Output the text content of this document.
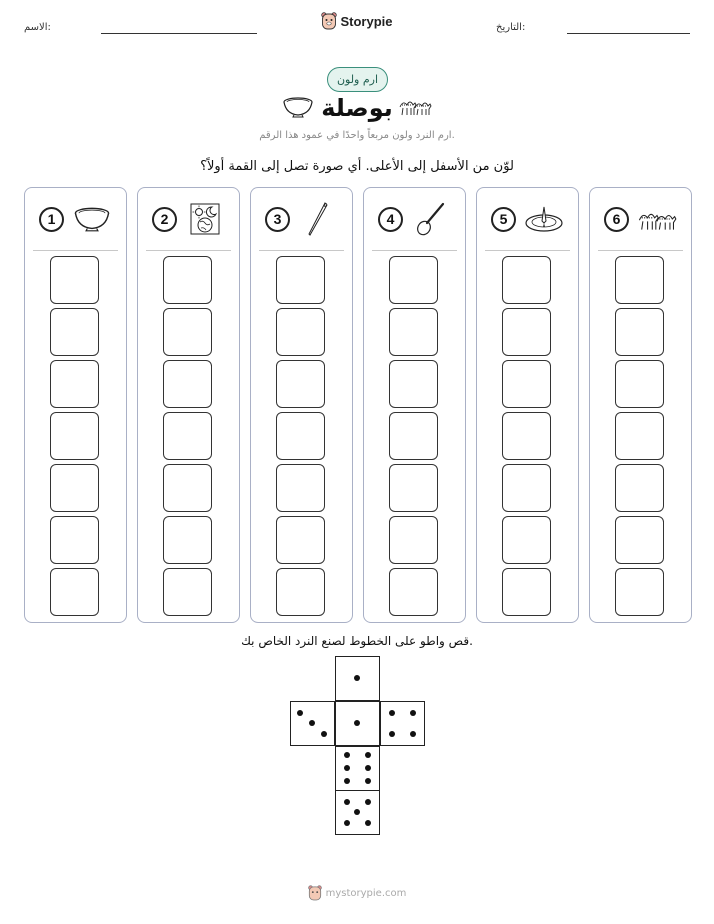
الاسم:	Storypie	التاريخ:
ارم ولون
بوصلة
ارم النرد ولون مربعاً واحدًا في عمود هذا الرقم.
لوّن من الأسفل إلى الأعلى. أي صورة تصل إلى القمة أولاً؟
1	2	3	4	5	6
قص واطو على الخطوط لصنع النرد الخاص بك.
mystorypie.com
